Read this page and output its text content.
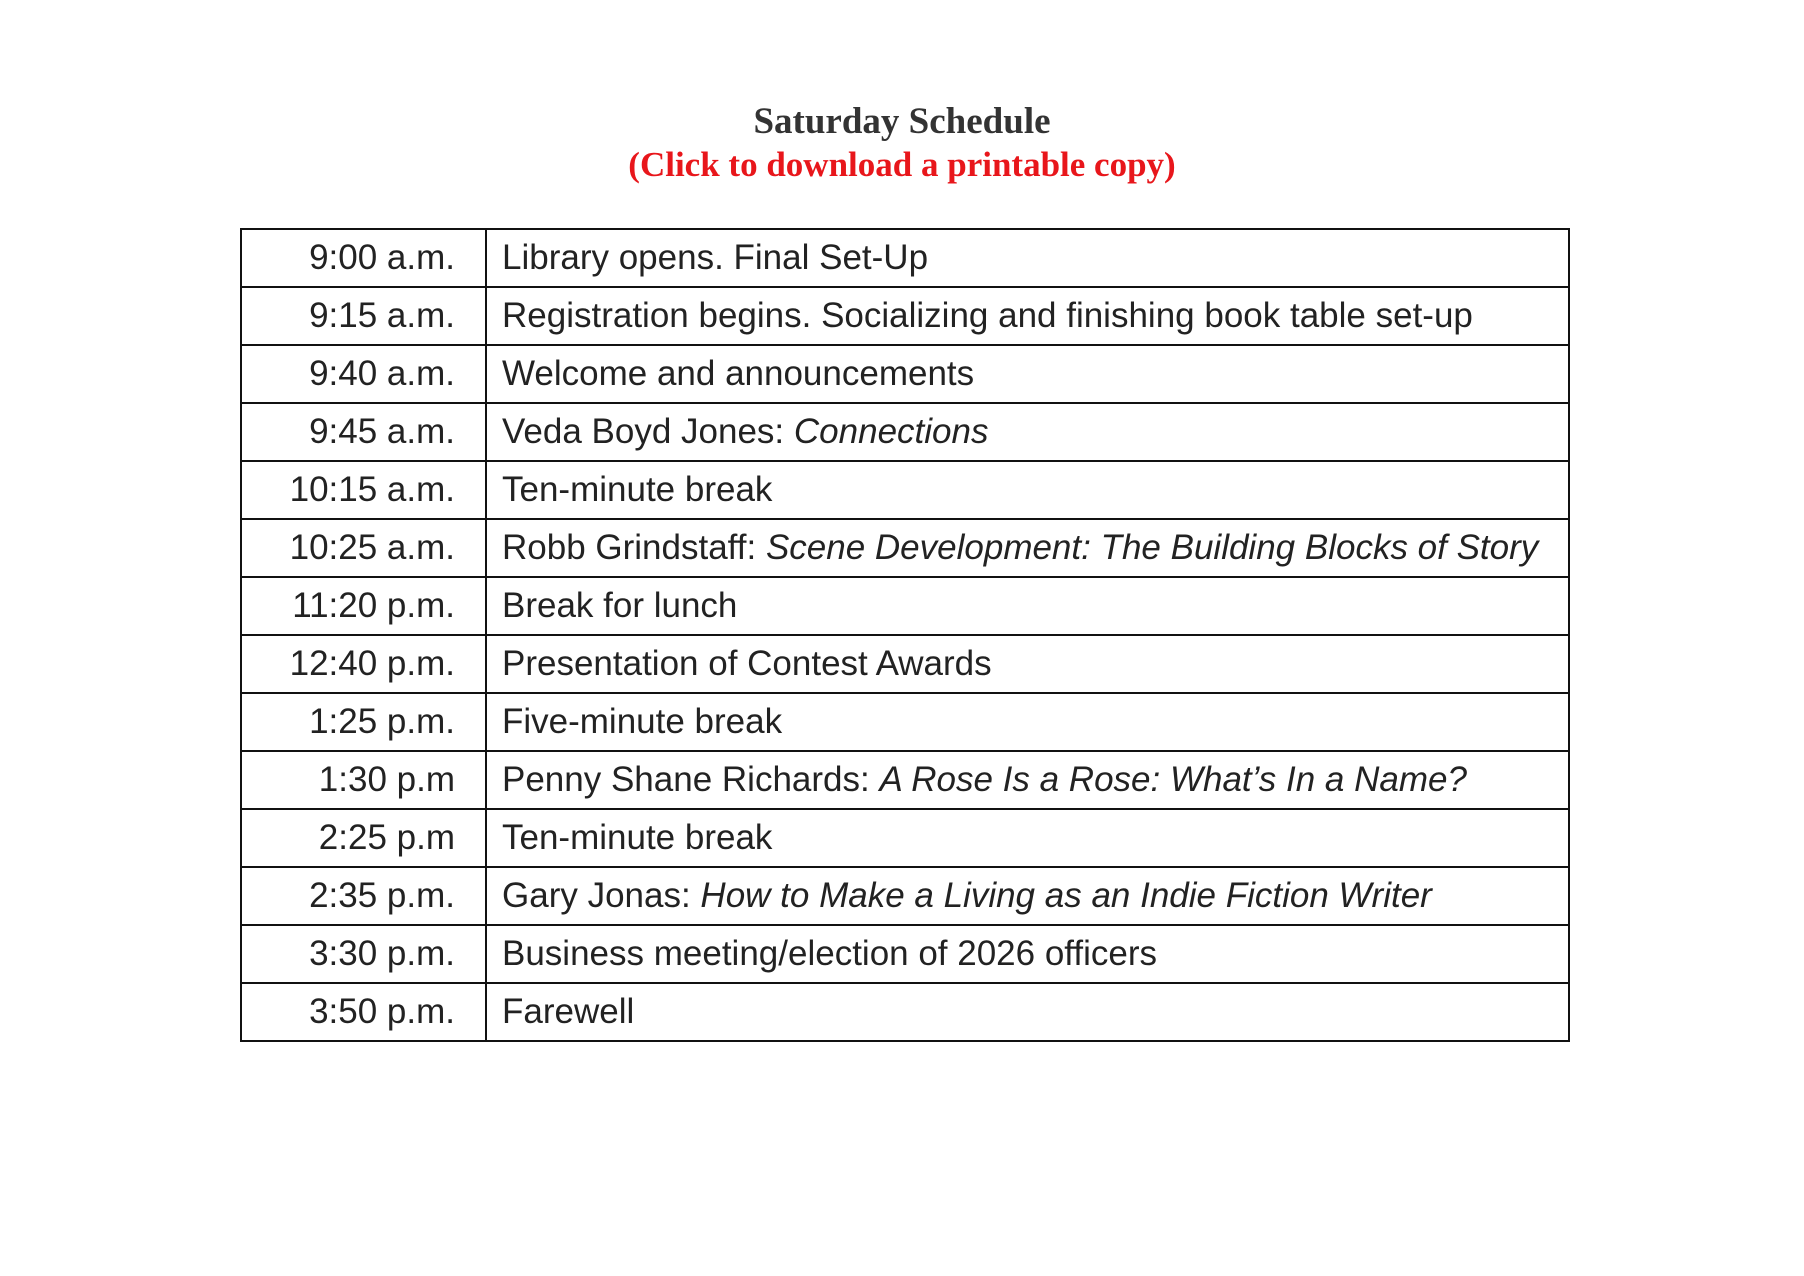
Saturday Schedule
(Click to download a printable copy)
9:00 a.m.	Library opens. Final Set-Up
9:15 a.m.	Registration begins. Socializing and finishing book table set-up
9:40 a.m.	Welcome and announcements
9:45 a.m.	Veda Boyd Jones: Connections
10:15 a.m.	Ten-minute break
10:25 a.m.	Robb Grindstaff: Scene Development: The Building Blocks of Story
11:20 p.m.	Break for lunch
12:40 p.m.	Presentation of Contest Awards
1:25 p.m.	Five-minute break
1:30 p.m	Penny Shane Richards: A Rose Is a Rose: What’s In a Name?
2:25 p.m	Ten-minute break
2:35 p.m.	Gary Jonas: How to Make a Living as an Indie Fiction Writer
3:30 p.m.	Business meeting/election of 2026 officers
3:50 p.m.	Farewell
